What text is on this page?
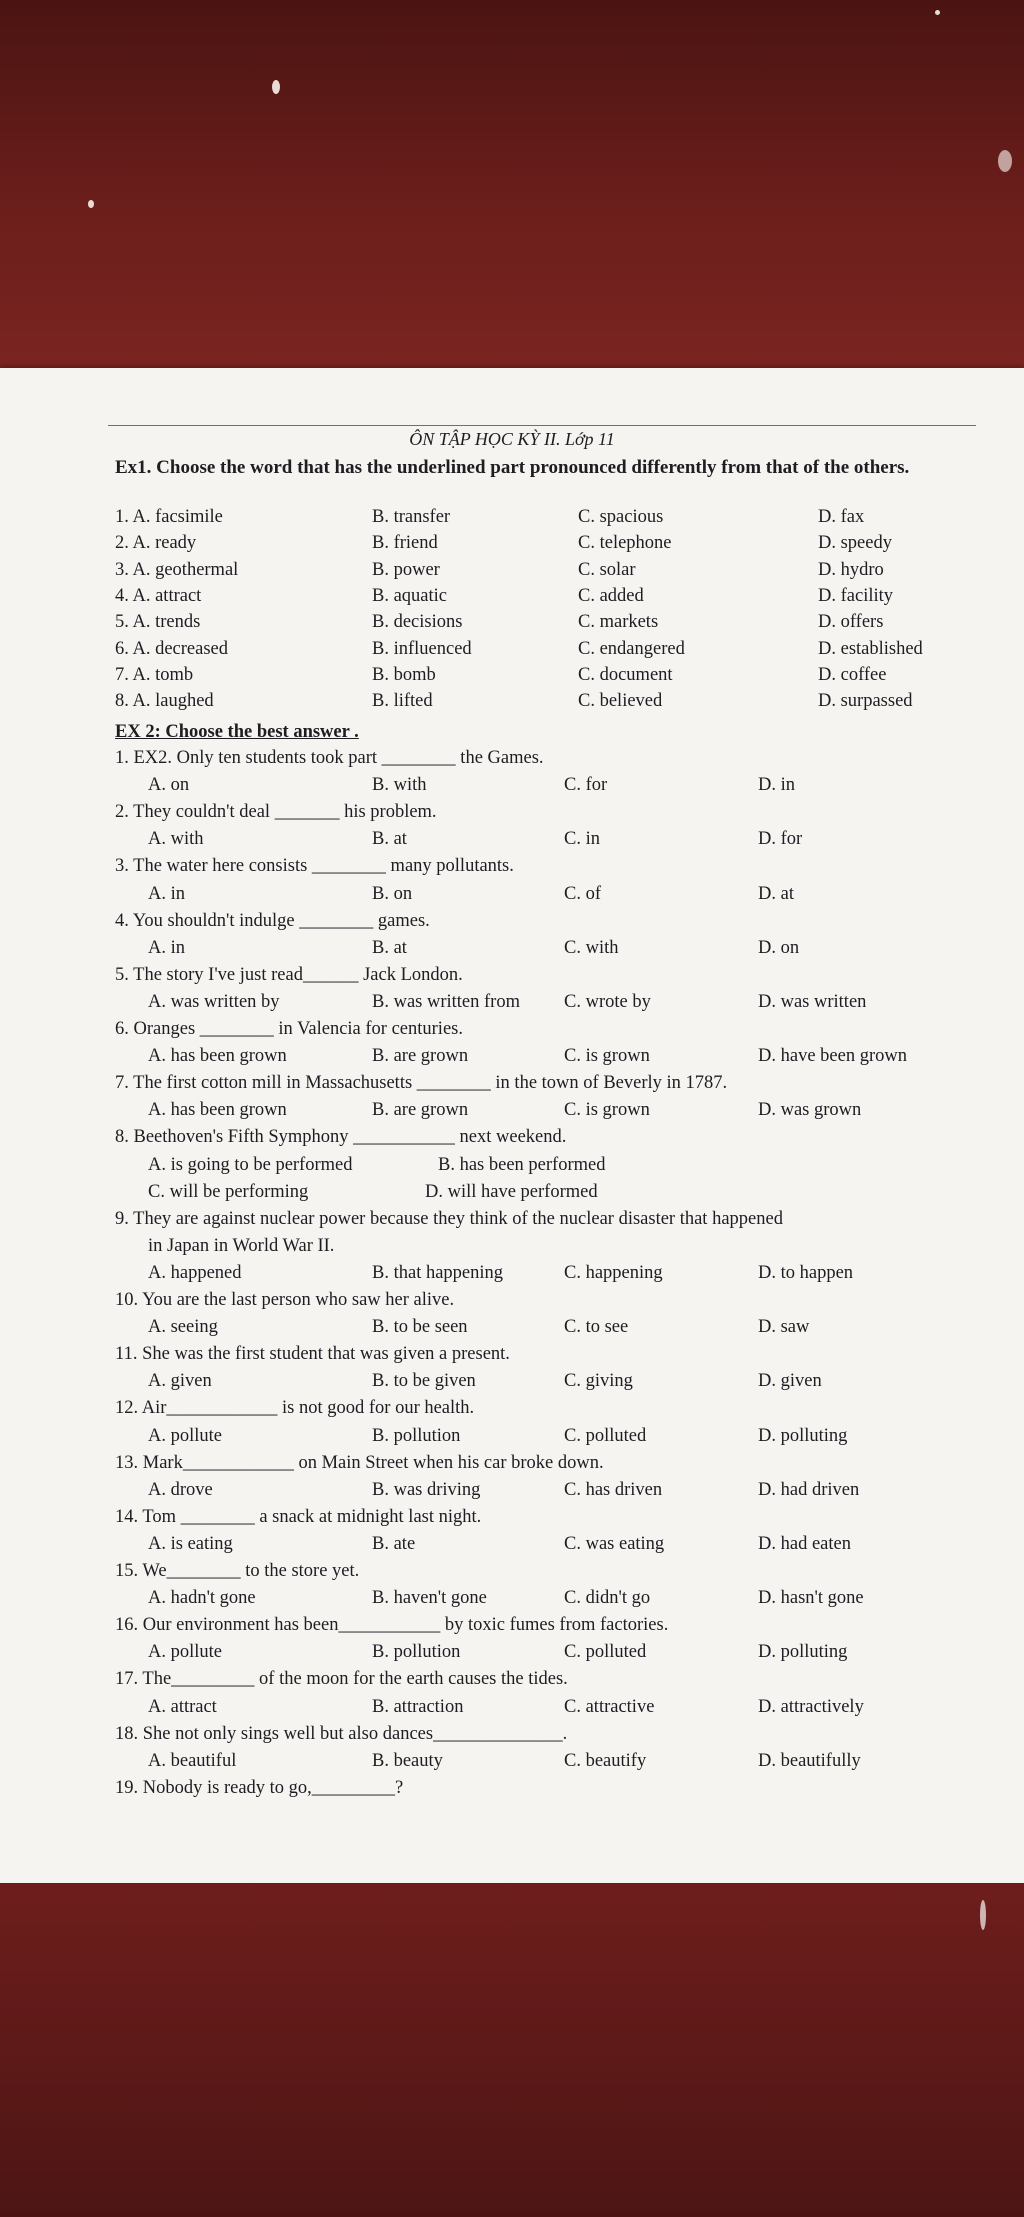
ÔN TẬP HỌC KỲ II. Lớp 11
Ex1. Choose the word that has the underlined part pronounced differently from that of the others.
1. A. facsimile	B. transfer	C. spacious	D. fax
2. A. ready	B. friend	C. telephone	D. speedy
3. A. geothermal	B. power	C. solar	D. hydro
4. A. attract	B. aquatic	C. added	D. facility
5. A. trends	B. decisions	C. markets	D. offers
6. A. decreased	B. influenced	C. endangered	D. established
7. A. tomb	B. bomb	C. document	D. coffee
8. A. laughed	B. lifted	C. believed	D. surpassed
EX 2: Choose the best answer .
1. EX2. Only ten students took part ________ the Games.
A. on	B. with	C. for	D. in
2. They couldn't deal _______ his problem.
A. with	B. at	C. in	D. for
3. The water here consists ________ many pollutants.
A. in	B. on	C. of	D. at
4. You shouldn't indulge ________ games.
A. in	B. at	C. with	D. on
5. The story I've just read______ Jack London.
A. was written by	B. was written from C. wrote by	D. was written
6. Oranges ________ in Valencia for centuries.
A. has been grown	B. are grown	C. is grown	D. have been grown
7. The first cotton mill in Massachusetts ________ in the town of Beverly in 1787.
A. has been grown	B. are grown	C. is grown	D. was grown
8. Beethoven's Fifth Symphony ___________ next weekend.
A. is going to be performed	B. has been performed
C. will be performing	D. will have performed
9. They are against nuclear power because they think of the nuclear disaster that happened
in Japan in World War II.
A. happened	B. that happening	C. happening	D. to happen
10. You are the last person who saw her alive.
A. seeing	B. to be seen	C. to see	D. saw
11. She was the first student that was given a present.
A. given	B. to be given	C. giving	D. given
12. Air____________ is not good for our health.
A. pollute	B. pollution	C. polluted	D. polluting
13. Mark____________ on Main Street when his car broke down.
A. drove	B. was driving	C. has driven	D. had driven
14. Tom ________ a snack at midnight last night.
A. is eating	B. ate	C. was eating	D. had eaten
15. We________ to the store yet.
A. hadn't gone	B. haven't gone	C. didn't go	D. hasn't gone
16. Our environment has been___________ by toxic fumes from factories.
A. pollute	B. pollution	C. polluted	D. polluting
17. The_________ of the moon for the earth causes the tides.
A. attract	B. attraction	C. attractive	D. attractively
18. She not only sings well but also dances______________.
A. beautiful	B. beauty	C. beautify	D. beautifully
19. Nobody is ready to go,_________?
